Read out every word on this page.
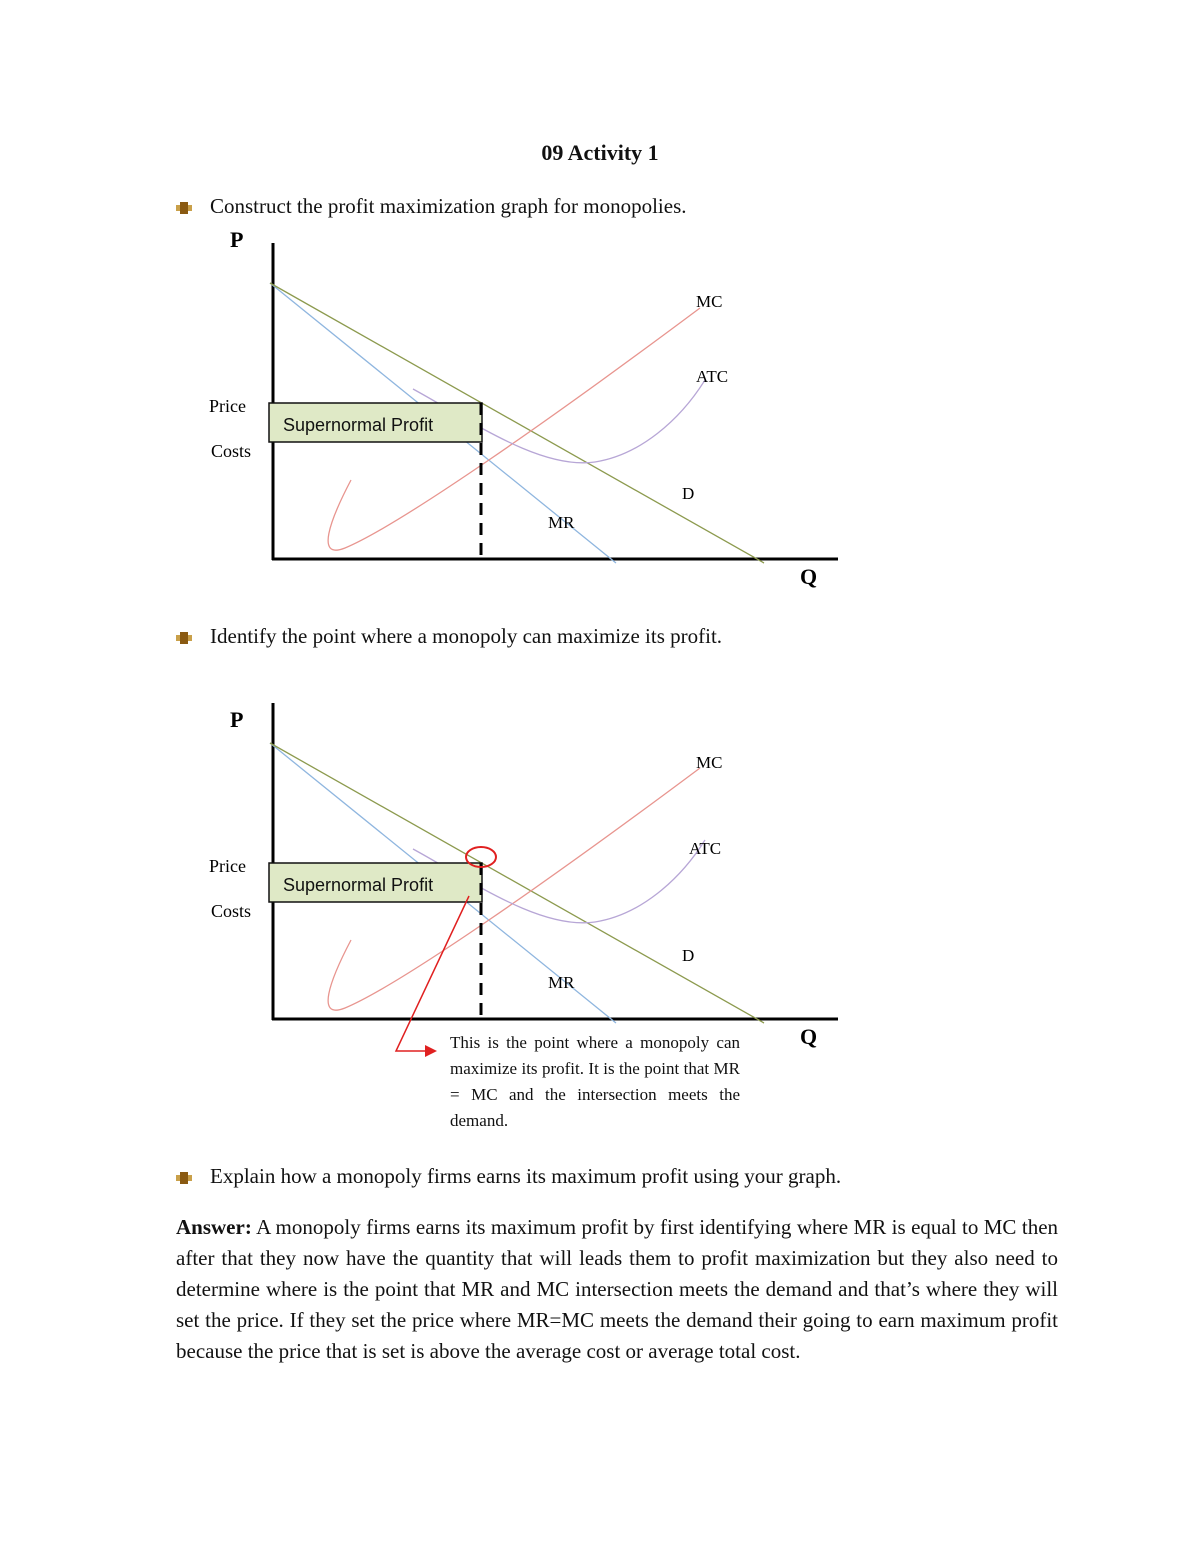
09 Activity 1
Construct the profit maximization graph for monopolies.
Supernormal Profit
P
Q
Price
Costs
MC
ATC
D
MR
Identify the point where a monopoly can maximize its profit.
Supernormal Profit
P
Q
Price
Costs
MC
ATC
D
MR
This is the point where a monopoly can maximize its profit. It is the point that MR = MC and the intersection meets the demand.
Explain how a monopoly firms earns its maximum profit using your graph.
Answer: A monopoly firms earns its maximum profit by first identifying where MR is equal to MC then after that they now have the quantity that will leads them to profit maximization but they also need to determine where is the point that MR and MC intersection meets the demand and that’s where they will set the price. If they set the price where MR=MC meets the demand their going to earn maximum profit because the price that is set is above the average cost or average total cost.
